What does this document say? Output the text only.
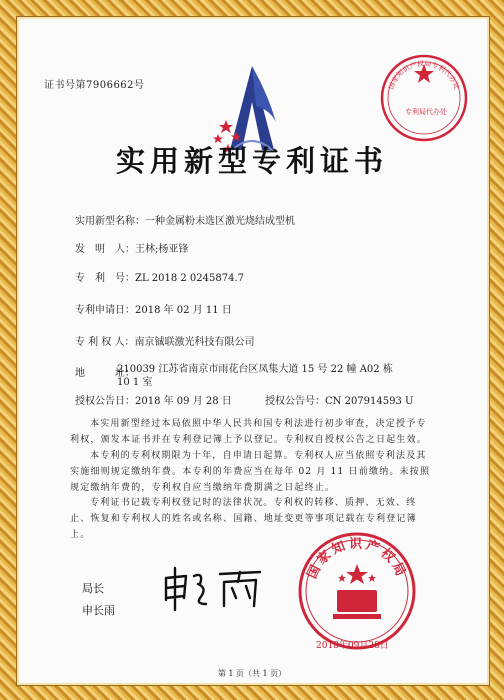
证书号第7906662号	国家知识产权局专利代办处
专利局代办处
实用新型专利证书
实用新型名称：一种金属粉末选区激光烧结成型机
发　明　人：王林;杨亚锋
专　利　号：ZL 2018 2 0245874.7
专利申请日：2018 年 02 月 11 日
专 利 权 人：南京铖联激光科技有限公司
地　　　址：
210039 江苏省南京市雨花台区凤集大道 15 号 22 幢 A02 栋 10 1 室
授权公告日：2018 年 09 月 28 日	授权公告号：CN 207914593 U
本实用新型经过本局依照中华人民共和国专利法进行初步审查，决定授予专利权，颁发本证书并在专利登记簿上予以登记。专利权自授权公告之日起生效。
本专利的专利权期限为十年，自申请日起算。专利权人应当依照专利法及其实施细则规定缴纳年费。本专利的年费应当在每年 02 月 11 日前缴纳。未按照规定缴纳年费的，专利权自应当缴纳年费期满之日起终止。
专利证书记载专利权登记时的法律状况。专利权的转移、质押、无效、终止、恢复和专利权人的姓名或名称、国籍、地址变更等事项记载在专利登记簿上。
局长
申长雨
国家知识产权局
2018年09月28日
第 1 页（共 1 页）
